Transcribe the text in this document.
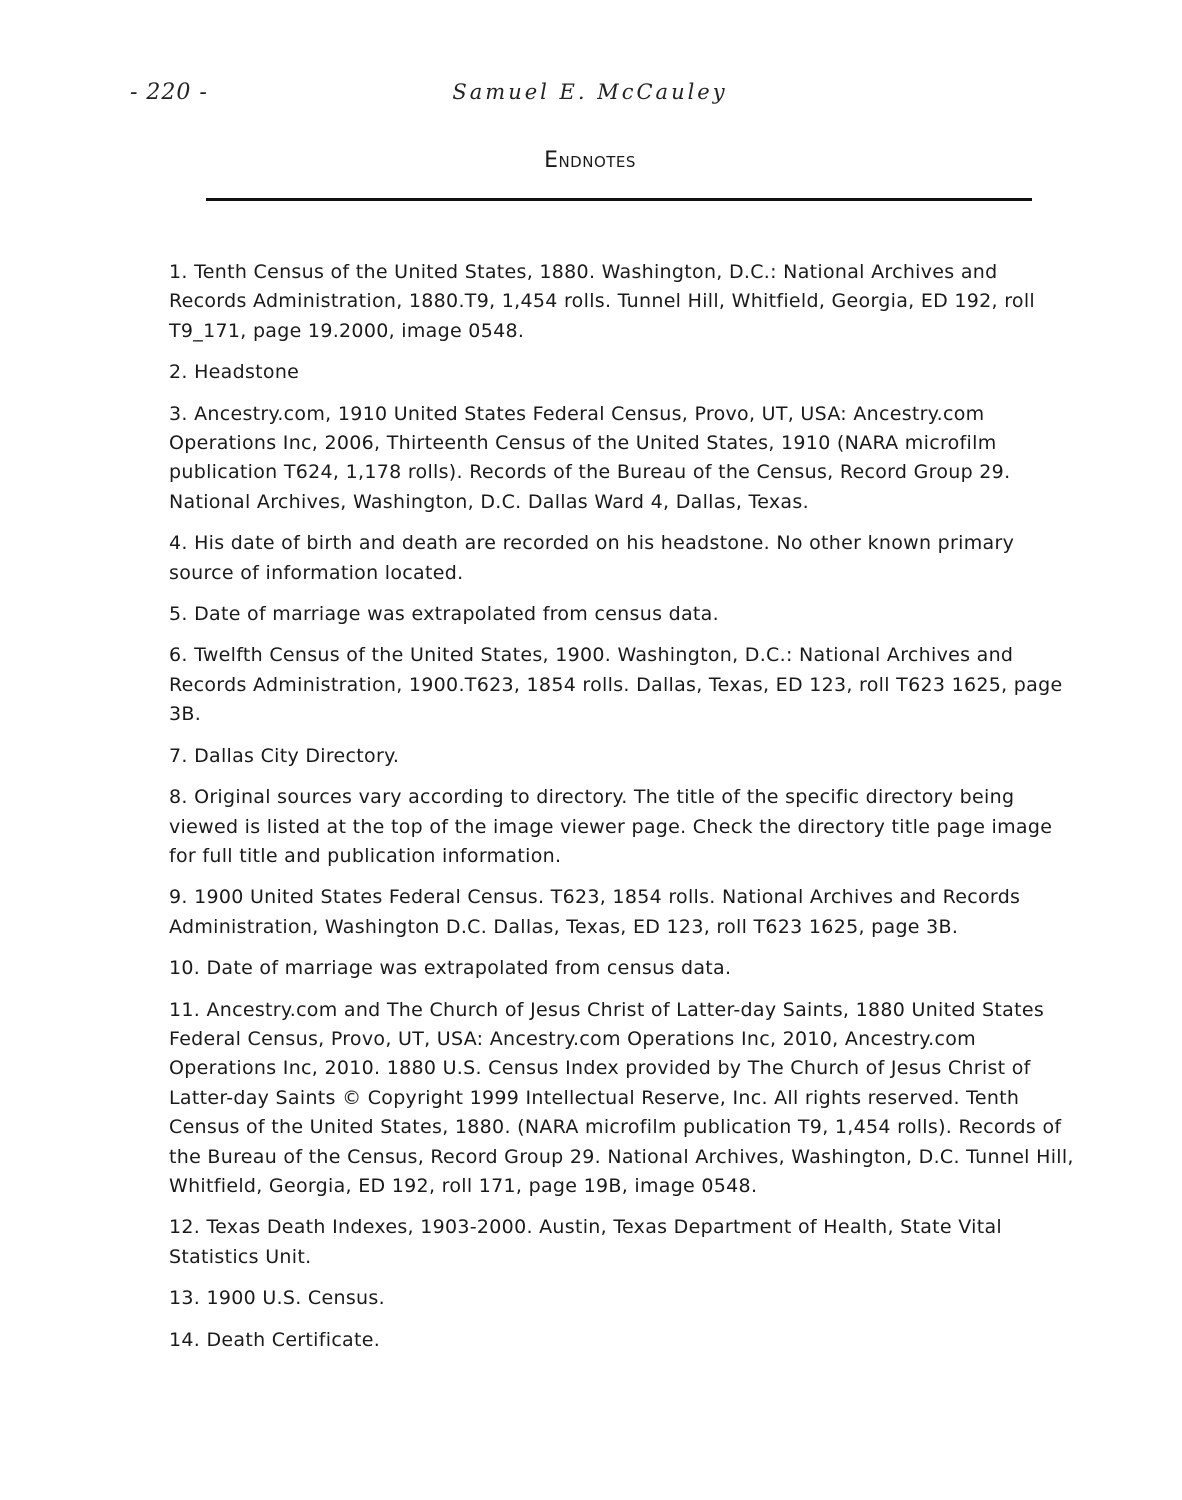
- 220 -	Samuel E. McCauley
Endnotes
1. Tenth Census of the United States, 1880. Washington, D.C.: National Archives and Records Administration, 1880.T9, 1,454 rolls. Tunnel Hill, Whitfield, Georgia, ED 192, roll T9_171, page 19.2000, image 0548.
2. Headstone
3. Ancestry.com, 1910 United States Federal Census, Provo, UT, USA: Ancestry.com Operations Inc, 2006, Thirteenth Census of the United States, 1910 (NARA microfilm publication T624, 1,178 rolls). Records of the Bureau of the Census, Record Group 29. National Archives, Washington, D.C. Dallas Ward 4, Dallas, Texas.
4. His date of birth and death are recorded on his headstone. No other known primary source of information located.
5. Date of marriage was extrapolated from census data.
6. Twelfth Census of the United States, 1900. Washington, D.C.: National Archives and Records Administration, 1900.T623, 1854 rolls. Dallas, Texas, ED 123, roll T623 1625, page 3B.
7. Dallas City Directory.
8. Original sources vary according to directory. The title of the specific directory being viewed is listed at the top of the image viewer page. Check the directory title page image for full title and publication information.
9. 1900 United States Federal Census. T623, 1854 rolls. National Archives and Records Administration, Washington D.C. Dallas, Texas, ED 123, roll T623 1625, page 3B.
10. Date of marriage was extrapolated from census data.
11. Ancestry.com and The Church of Jesus Christ of Latter-day Saints, 1880 United States Federal Census, Provo, UT, USA: Ancestry.com Operations Inc, 2010, Ancestry.com Operations Inc, 2010. 1880 U.S. Census Index provided by The Church of Jesus Christ of Latter-day Saints © Copyright 1999 Intellectual Reserve, Inc. All rights reserved. Tenth Census of the United States, 1880. (NARA microfilm publication T9, 1,454 rolls). Records of the Bureau of the Census, Record Group 29. National Archives, Washington, D.C. Tunnel Hill, Whitfield, Georgia, ED 192, roll 171, page 19B, image 0548.
12. Texas Death Indexes, 1903-2000. Austin, Texas Department of Health, State Vital Statistics Unit.
13. 1900 U.S. Census.
14. Death Certificate.
